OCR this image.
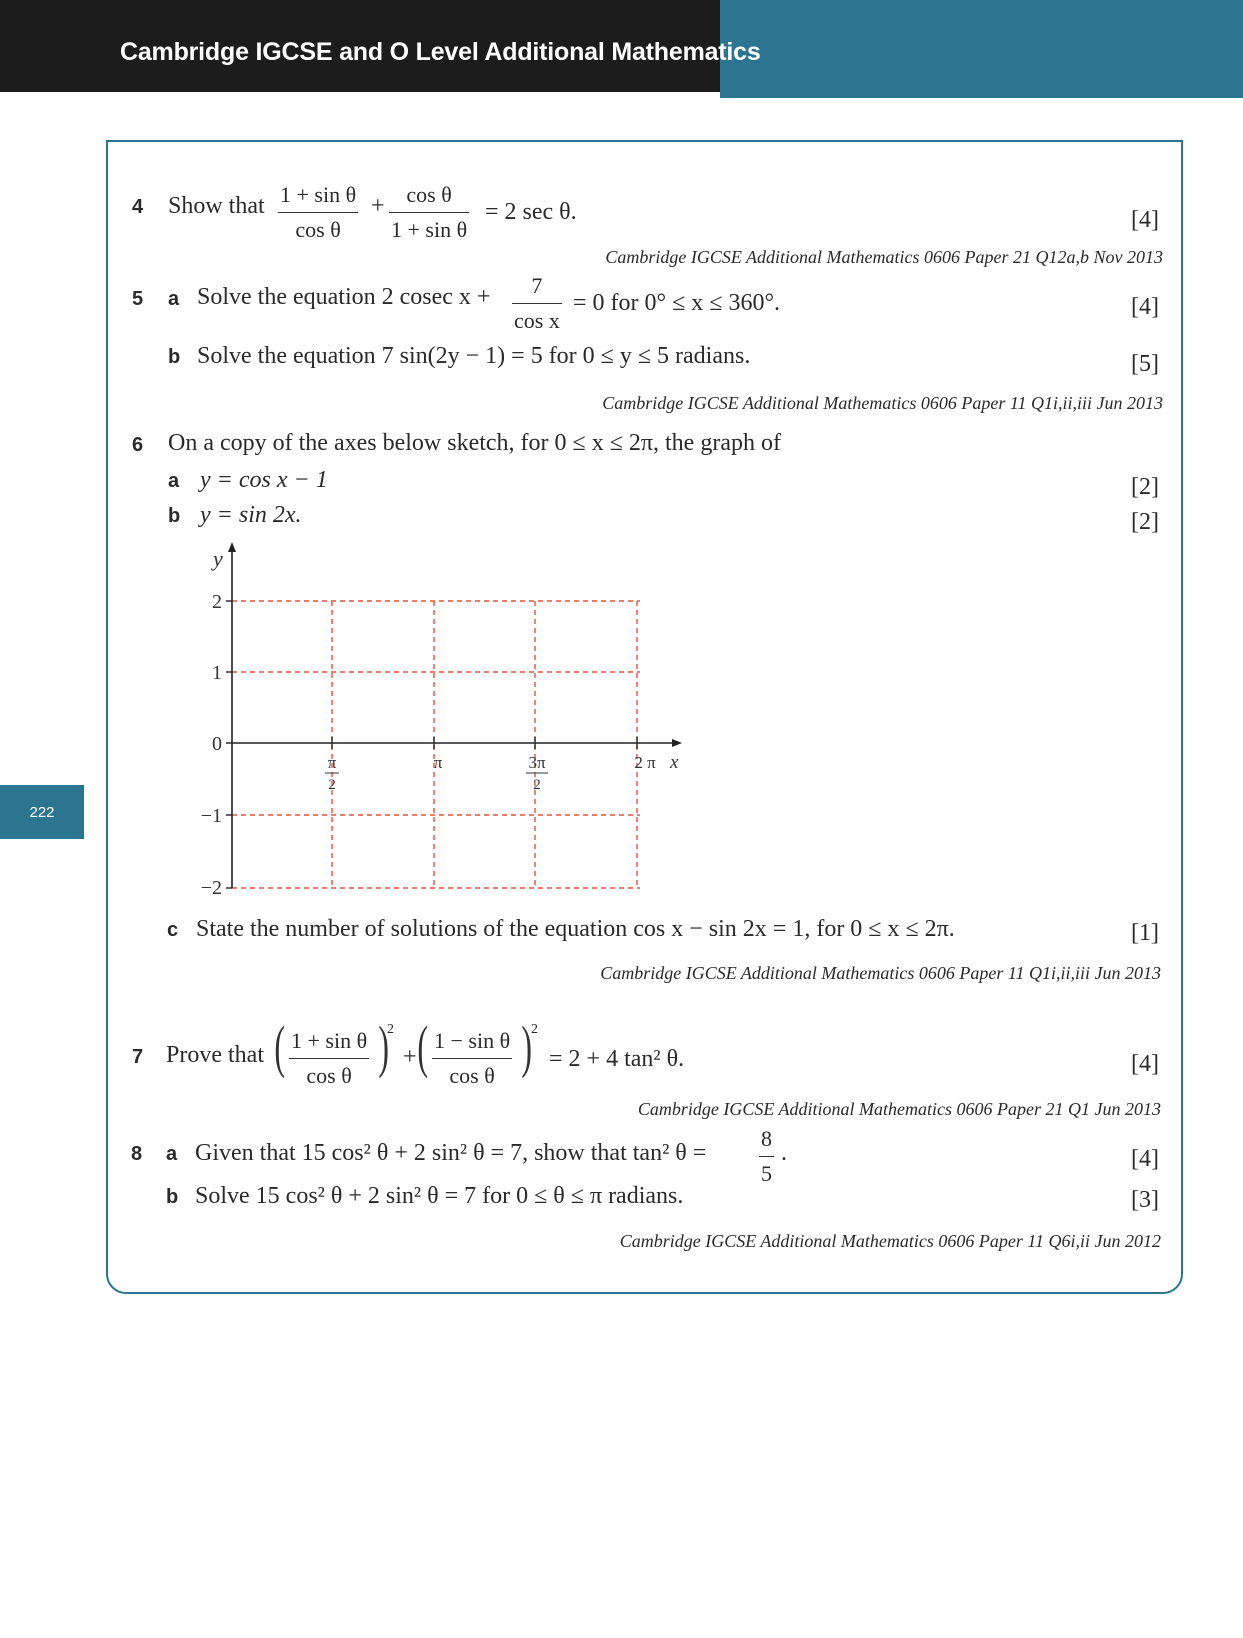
Cambridge IGCSE and O Level Additional Mathematics
222
4 Show that $\frac{\text{1 + sin θ}}{\text{cos θ}} + \frac{\text{cos θ}}{\text{1 + sin θ}} = 2$ sec θ.	[4]
Cambridge IGCSE Additional Mathematics 0606 Paper 21 Q12a,b Nov 2013
5 a Solve the equation 2 cosec $x + \frac{7}{\text{cos x}} = 0$ for 0° ≤ x ≤ 360°.	[4]
b Solve the equation 7 sin(2y − 1) = 5 for 0 ≤ y ≤ 5 radians.	[5]
Cambridge IGCSE Additional Mathematics 0606 Paper 11 Q1i,ii,iii Jun 2013
6 On a copy of the axes below sketch, for 0 ≤ x ≤ 2π, the graph of
a y = cos x − 1	[2]
b y = sin 2x.	[2]
y
2
1
0
−1
−2
π
2
π	3π
2
2 π x
c State the number of solutions of the equation cos x − sin 2x = 1, for 0 ≤ x ≤ 2π.	[1]
Cambridge IGCSE Additional Mathematics 0606 Paper 11 Q1i,ii,iii Jun 2013
7 Prove that ( $\frac{\text{1 + sin θ}}{\text{cos θ}}$ )
2
+ ( $\frac{\text{1 − sin θ}}{\text{cos θ}}$ ) 2
= 2 + 4 tan² θ.	[4]
Cambridge IGCSE Additional Mathematics 0606 Paper 21 Q1 Jun 2013
8 a Given that 15 cos² θ + 2 sin² θ = 7, show that tan² $\theta = \frac{8}{5}$ .	[4]
b Solve 15 cos² θ + 2 sin² θ = 7 for 0 ≤ θ ≤ π radians.	[3]
Cambridge IGCSE Additional Mathematics 0606 Paper 11 Q6i,ii Jun 2012
